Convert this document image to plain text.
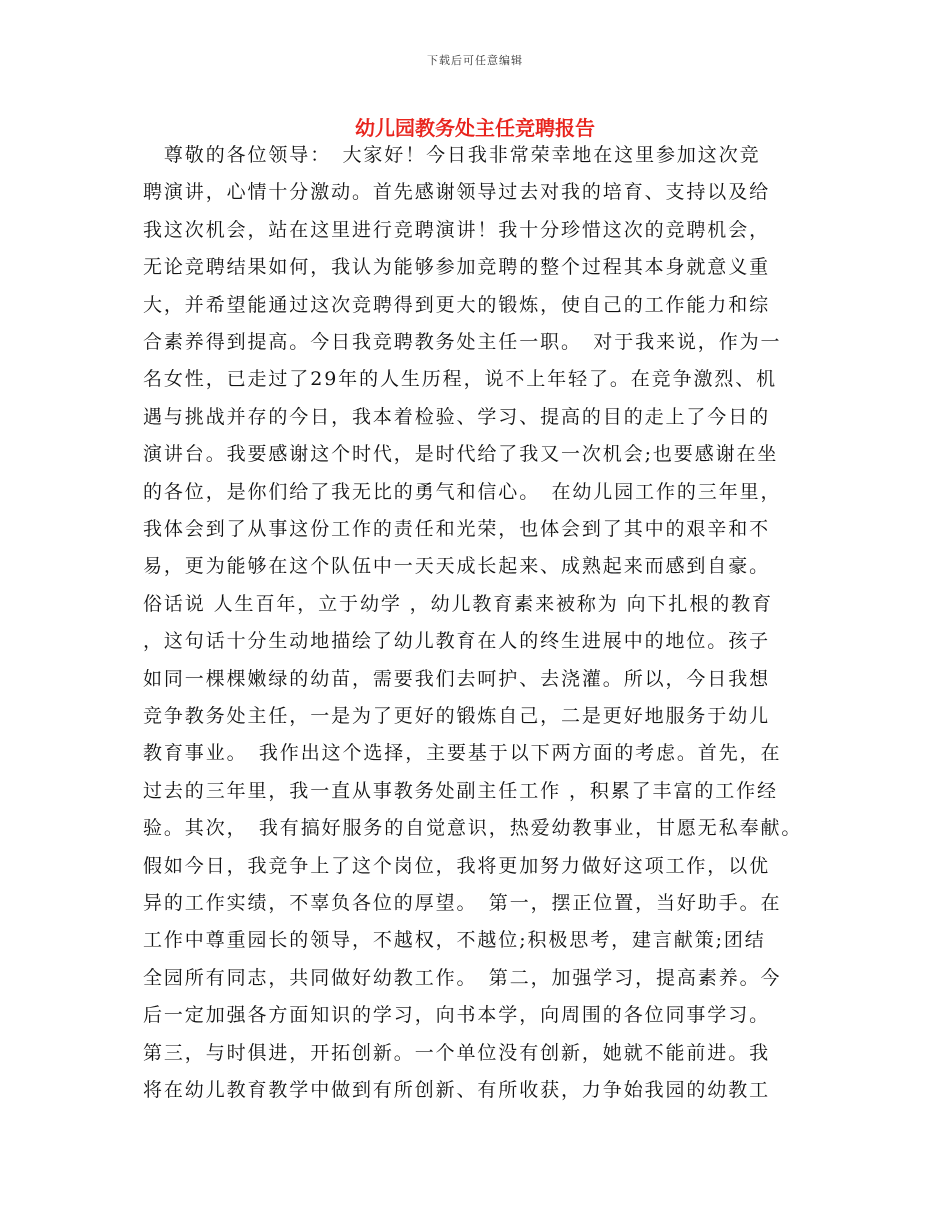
下载后可任意编辑
幼儿园教务处主任竞聘报告
　尊敬的各位领导：　大家好！今日我非常荣幸地在这里参加这次竞
聘演讲，心情十分激动。首先感谢领导过去对我的培育、支持以及给
我这次机会，站在这里进行竞聘演讲！我十分珍惜这次的竞聘机会，
无论竞聘结果如何，我认为能够参加竞聘的整个过程其本身就意义重
大，并希望能通过这次竞聘得到更大的锻炼，使自己的工作能力和综
合素养得到提高。今日我竞聘教务处主任一职。　对于我来说，作为一
名女性，已走过了29年的人生历程，说不上年轻了。在竞争激烈、机
遇与挑战并存的今日，我本着检验、学习、提高的目的走上了今日的
演讲台。我要感谢这个时代，是时代给了我又一次机会;也要感谢在坐
的各位，是你们给了我无比的勇气和信心。　在幼儿园工作的三年里，
我体会到了从事这份工作的责任和光荣，也体会到了其中的艰辛和不
易，更为能够在这个队伍中一天天成长起来、成熟起来而感到自豪。
俗话说 人生百年，立于幼学 ，幼儿教育素来被称为 向下扎根的教育
，这句话十分生动地描绘了幼儿教育在人的终生进展中的地位。孩子
如同一棵棵嫩绿的幼苗，需要我们去呵护、去浇灌。所以，今日我想
竞争教务处主任，一是为了更好的锻炼自己，二是更好地服务于幼儿
教育事业。　我作出这个选择，主要基于以下两方面的考虑。首先，在
过去的三年里，我一直从事教务处副主任工作 ，积累了丰富的工作经
验。其次，　我有搞好服务的自觉意识，热爱幼教事业，甘愿无私奉献。
假如今日，我竞争上了这个岗位，我将更加努力做好这项工作，以优
异的工作实绩，不辜负各位的厚望。　第一，摆正位置，当好助手。在
工作中尊重园长的领导，不越权，不越位;积极思考，建言献策;团结
全园所有同志，共同做好幼教工作。　第二，加强学习，提高素养。今
后一定加强各方面知识的学习，向书本学，向周围的各位同事学习。
第三，与时俱进，开拓创新。一个单位没有创新，她就不能前进。我
将在幼儿教育教学中做到有所创新、有所收获，力争始我园的幼教工
